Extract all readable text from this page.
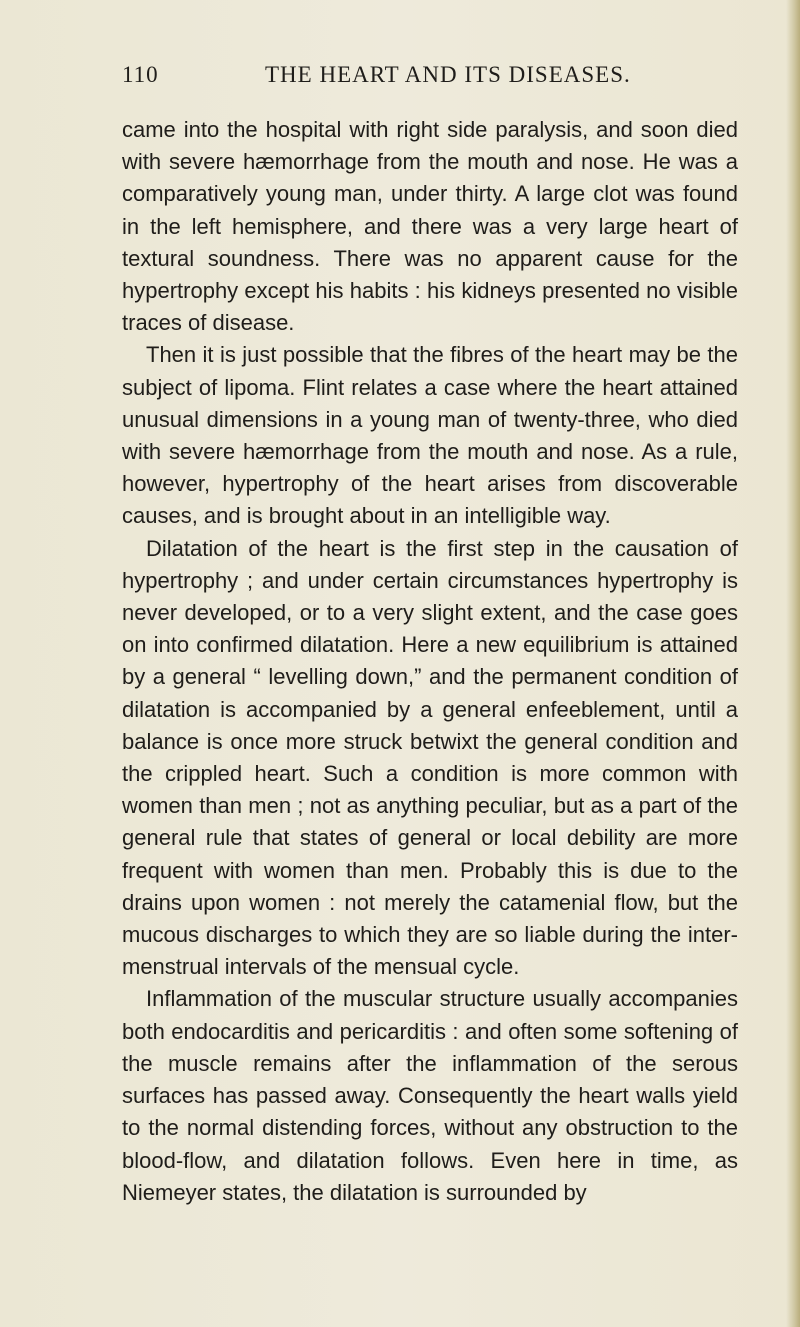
110	THE HEART AND ITS DISEASES.

came into the hospital with right side paralysis, and soon died with severe hæmorrhage from the mouth and nose. He was a comparatively young man, under thirty. A large clot was found in the left hemisphere, and there was a very large heart of textural soundness. There was no apparent cause for the hypertrophy except his habits : his kidneys presented no visible traces of disease.

Then it is just possible that the fibres of the heart may be the subject of lipoma. Flint relates a case where the heart attained unusual dimensions in a young man of twenty-three, who died with severe hæmorrhage from the mouth and nose. As a rule, however, hypertrophy of the heart arises from discoverable causes, and is brought about in an intelligible way.

Dilatation of the heart is the first step in the causation of hypertrophy ; and under certain circumstances hypertrophy is never developed, or to a very slight extent, and the case goes on into confirmed dilatation. Here a new equilibrium is attained by a general “ levelling down,” and the permanent condition of dilatation is accompanied by a general enfeeblement, until a balance is once more struck betwixt the general condition and the crippled heart. Such a condition is more common with women than men ; not as anything peculiar, but as a part of the general rule that states of general or local debility are more frequent with women than men. Probably this is due to the drains upon women : not merely the catamenial flow, but the mucous discharges to which they are so liable during the inter-menstrual intervals of the mensual cycle.

Inflammation of the muscular structure usually accompanies both endocarditis and pericarditis : and often some softening of the muscle remains after the inflammation of the serous surfaces has passed away. Consequently the heart walls yield to the normal distending forces, without any obstruction to the blood-flow, and dilatation follows. Even here in time, as Niemeyer states, the dilatation is surrounded by
